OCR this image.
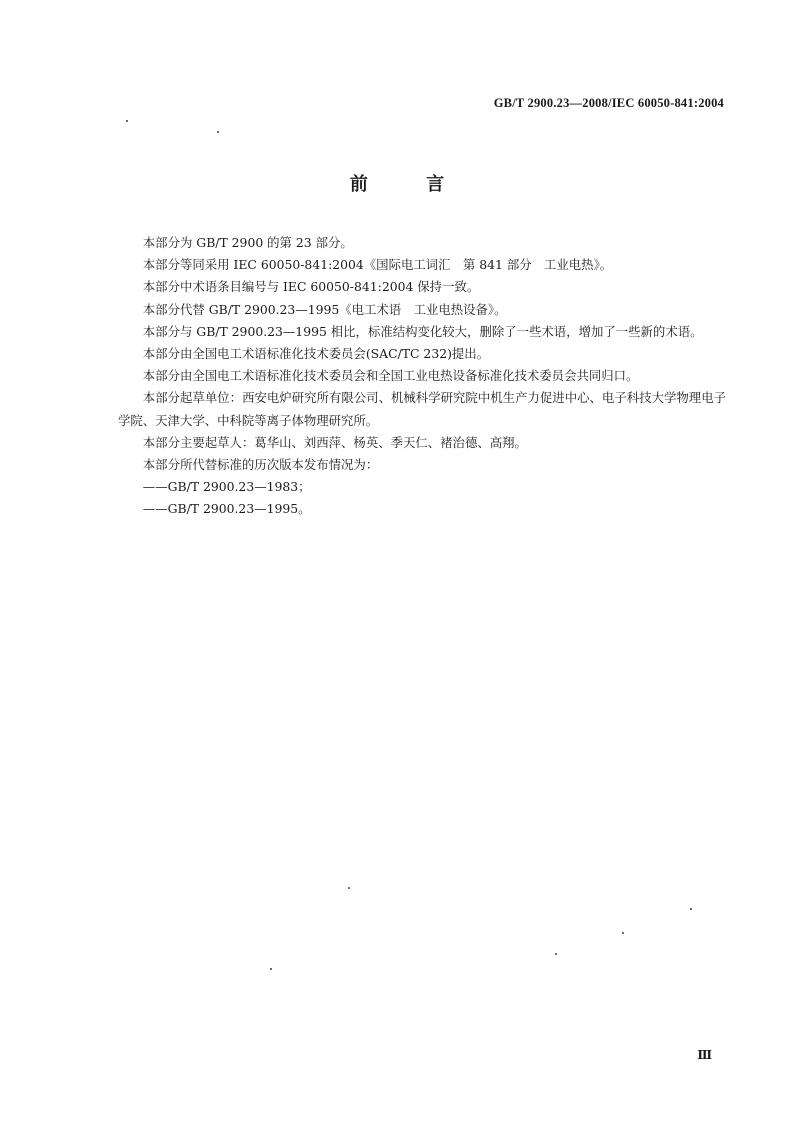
GB/T 2900.23—2008/IEC 60050-841:2004
前 言

本部分为 GB/T 2900 的第 23 部分。

本部分等同采用 IEC 60050-841:2004《国际电工词汇　第 841 部分　工业电热》。

本部分中术语条目编号与 IEC 60050-841:2004 保持一致。

本部分代替 GB/T 2900.23—1995《电工术语　工业电热设备》。

本部分与 GB/T 2900.23—1995 相比，标准结构变化较大，删除了一些术语，增加了一些新的术语。

本部分由全国电工术语标准化技术委员会(SAC/TC 232)提出。

本部分由全国电工术语标准化技术委员会和全国工业电热设备标准化技术委员会共同归口。

本部分起草单位：西安电炉研究所有限公司、机械科学研究院中机生产力促进中心、电子科技大学物理电子学院、天津大学、中科院等离子体物理研究所。

本部分主要起草人：葛华山、刘西萍、杨英、季天仁、褚治德、高翔。

本部分所代替标准的历次版本发布情况为：

——GB/T 2900.23—1983；

——GB/T 2900.23—1995。

Ⅲ
